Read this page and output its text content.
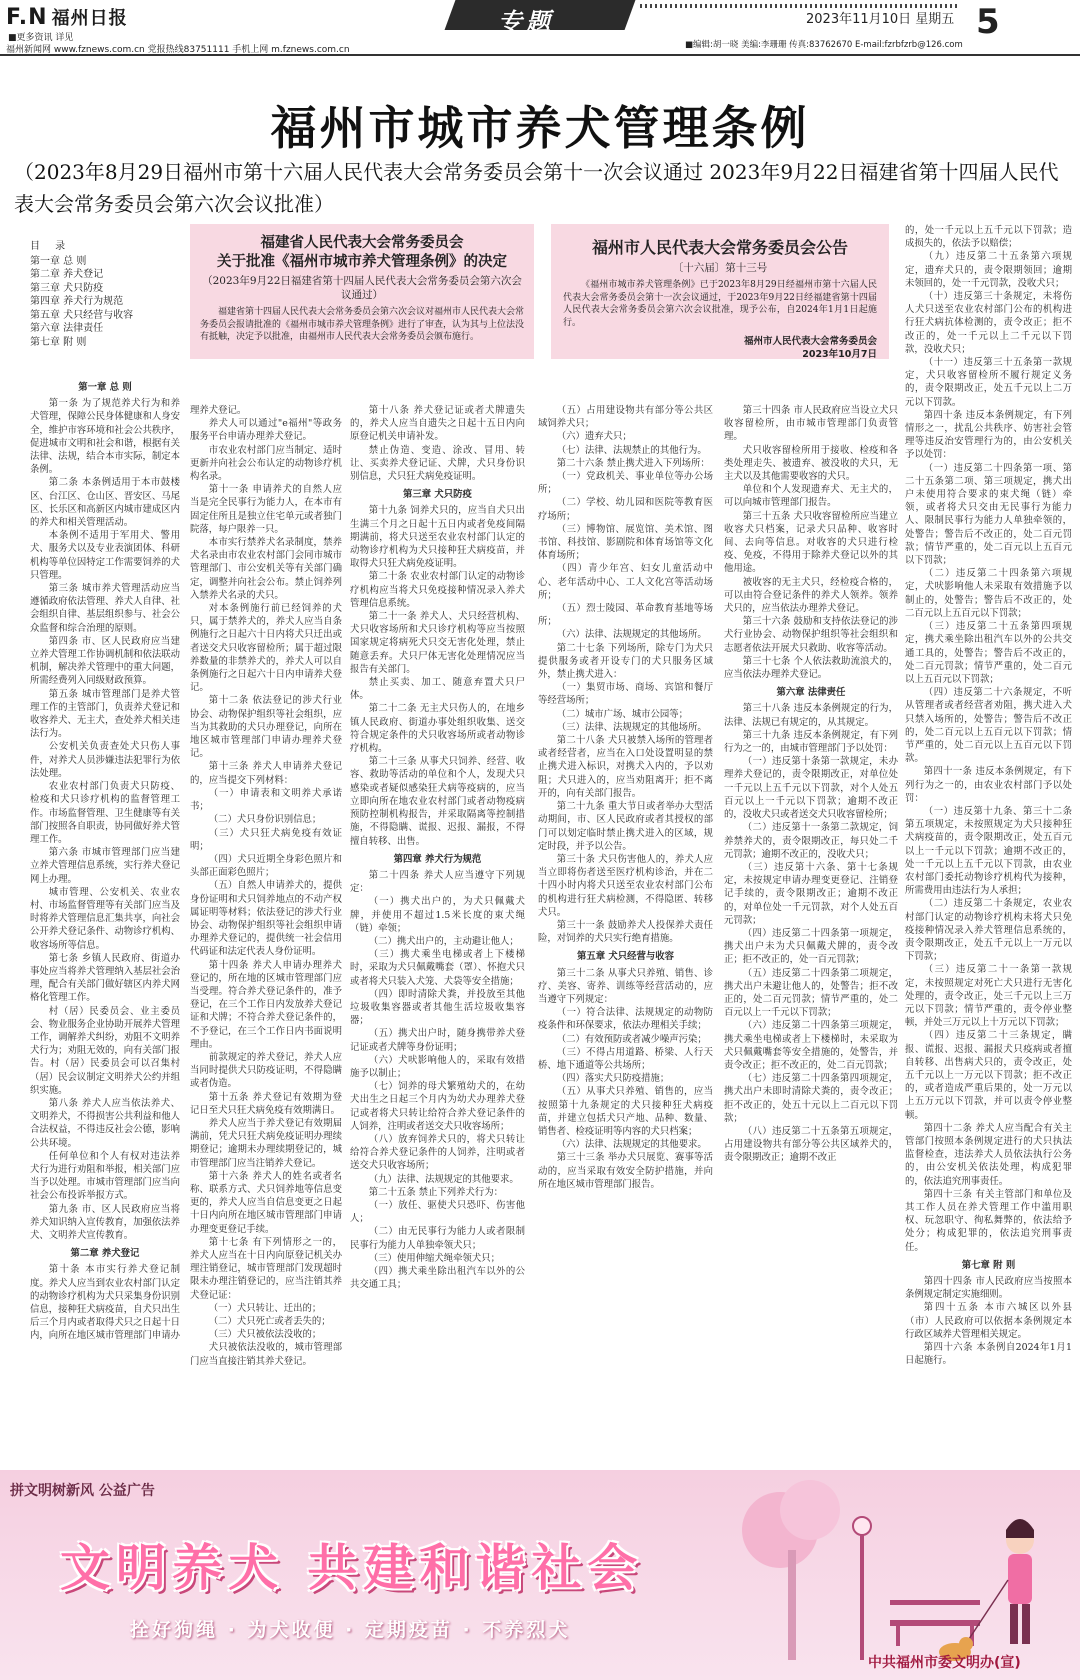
F.N 福州日报
■更多资讯 详见
福州新闻网 www.fznews.com.cn 党报热线83751111 手机上网 m.fznews.com.cn
专题	2023年11月10日 星期五 5
■编辑:胡一晓 美编:李珊珊 传真:83762670 E-mail:fzrbfzrb@126.com
福州市城市养犬管理条例
（2023年8月29日福州市第十六届人民代表大会常务委员会第十一次会议通过 2023年9月22日福建省第十四届人民代表大会常务委员会第六次会议批准）
目 录
第一章 总 则
第二章 养犬登记
第三章 犬只防疫
第四章 养犬行为规范
第五章 犬只经营与收容
第六章 法律责任
第七章 附 则
福建省人民代表大会常务委员会
关于批准《福州市城市养犬管理条例》的决定
（2023年9月22日福建省第十四届人民代表大会常务委员会第六次会议通过）
福建省第十四届人民代表大会常务委员会第六次会议对福州市人民代表大会常务委员会报请批准的《福州市城市养犬管理条例》进行了审查，认为其与上位法没有抵触，决定予以批准，由福州市人民代表大会常务委员会颁布施行。
福州市人民代表大会常务委员会公告
〔十六届〕第十三号
《福州市城市养犬管理条例》已于2023年8月29日经福州市第十六届人民代表大会常务委员会第十一次会议通过，于2023年9月22日经福建省第十四届人民代表大会常务委员会第六次会议批准，现予公布，自2024年1月1日起施行。
福州市人民代表大会常务委员会
2023年10月7日

第一章 总 则

第一条 为了规范养犬行为和养犬管理，保障公民身体健康和人身安全，维护市容环境和社会公共秩序，促进城市文明和社会和谐，根据有关法律、法规，结合本市实际，制定本条例。

第二条 本条例适用于本市鼓楼区、台江区、仓山区、晋安区、马尾区、长乐区和高新区内城市建成区内的养犬和相关管理活动。

本条例不适用于军用犬、警用犬、服务犬以及专业表演团体、科研机构等单位因特定工作需要饲养的犬只管理。

第三条 城市养犬管理活动应当遵循政府依法管理、养犬人自律、社会组织自律、基层组织参与、社会公众监督和综合治理的原则。

第四条 市、区人民政府应当建立养犬管理工作协调机制和依法联动机制，解决养犬管理中的重大问题，所需经费列入同级财政预算。

第五条 城市管理部门是养犬管理工作的主管部门，负责养犬登记和收容养犬、无主犬，查处养犬相关违法行为。

公安机关负责查处犬只伤人事件，对养犬人员涉嫌违法犯罪行为依法处理。

农业农村部门负责犬只防疫、检疫和犬只诊疗机构的监督管理工作。市场监督管理、卫生健康等有关部门按照各自职责，协同做好养犬管理工作。

第六条 市城市管理部门应当建立养犬管理信息系统，实行养犬登记网上办理。

城市管理、公安机关、农业农村、市场监督管理等有关部门应当及时将养犬管理信息汇集共享，向社会公开养犬登记条件、动物诊疗机构、收容场所等信息。

第七条 乡镇人民政府、街道办事处应当将养犬管理纳入基层社会治理，配合有关部门做好辖区内养犬网格化管理工作。

村（居）民委员会、业主委员会、物业服务企业协助开展养犬管理工作，调解养犬纠纷，劝阻不文明养犬行为；劝阻无效的，向有关部门报告。村（居）民委员会可以召集村（居）民会议制定文明养犬公约并组织实施。

第八条 养犬人应当依法养犬、文明养犬，不得损害公共利益和他人合法权益，不得违反社会公德，影响公共环境。

任何单位和个人有权对违法养犬行为进行劝阻和举报，相关部门应当予以处理。市城市管理部门应当向社会公布投诉举报方式。

第九条 市、区人民政府应当将养犬知识纳入宣传教育，加强依法养犬、文明养犬宣传教育。

第二章 养犬登记

第十条 本市实行养犬登记制度。养犬人应当到农业农村部门认定的动物诊疗机构为犬只采集身份识别信息，接种狂犬病疫苗，自犬只出生后三个月内或者取得犬只之日起十日内，向所在地区城市管理部门申请办

理养犬登记。

养犬人可以通过"e福州"等政务服务平台申请办理养犬登记。

市农业农村部门应当制定、适时更新并向社会公布认定的动物诊疗机构名录。

第十一条 申请养犬的自然人应当是完全民事行为能力人，在本市有固定住所且是独立住宅单元或者独门院落，每户限养一只。

本市实行禁养犬名录制度，禁养犬名录由市农业农村部门会同市城市管理部门、市公安机关等有关部门确定，调整并向社会公布。禁止饲养列入禁养犬名录的犬只。

对本条例施行前已经饲养的犬只，属于禁养犬的，养犬人应当自条例施行之日起六十日内将犬只迁出或者送交犬只收容留检所；属于超过限养数量的非禁养犬的，养犬人可以自条例施行之日起六十日内申请养犬登记。

第十二条 依法登记的涉犬行业协会、动物保护组织等社会组织，应当为其救助的犬只办理登记，向所在地区城市管理部门申请办理养犬登记。

第十三条 养犬人申请养犬登记的，应当提交下列材料：

（一）申请表和文明养犬承诺书；

（二）犬只身份识别信息；

（三）犬只狂犬病免疫有效证明；

（四）犬只近期全身彩色照片和头部正面彩色照片；

（五）自然人申请养犬的，提供身份证明和犬只饲养地点的不动产权属证明等材料；依法登记的涉犬行业协会、动物保护组织等社会组织申请办理养犬登记的，提供统一社会信用代码证和法定代表人身份证明。

第十四条 养犬人申请办理养犬登记的，所在地的区城市管理部门应当受理。符合养犬登记条件的，准予登记，在三个工作日内发放养犬登记证和犬牌；不符合养犬登记条件的，不予登记，在三个工作日内书面说明理由。

前款规定的养犬登记，养犬人应当同时提供犬只防疫证明，不得隐瞒或者伪造。

第十五条 养犬登记有效期为登记日至犬只狂犬病免疫有效期满日。

养犬人应当于养犬登记有效期届满前，凭犬只狂犬病免疫证明办理续期登记；逾期未办理续期登记的，城市管理部门应当注销养犬登记。

第十六条 养犬人的姓名或者名称、联系方式、犬只饲养地等信息变更的，养犬人应当自信息变更之日起十日内向所在地区城市管理部门申请办理变更登记手续。

第十七条 有下列情形之一的，养犬人应当在十日内向原登记机关办理注销登记，城市管理部门发现超时限未办理注销登记的，应当注销其养犬登记证：

（一）犬只转让、迁出的；

（二）犬只死亡或者丢失的；

（三）犬只被依法没收的；

犬只被依法没收的，城市管理部门应当直接注销其养犬登记。

第十八条 养犬登记证或者犬牌遗失的，养犬人应当自遗失之日起十五日内向原登记机关申请补发。

禁止伪造、变造、涂改、冒用、转让、买卖养犬登记证、犬牌，犬只身份识别信息，犬只狂犬病免疫证明。

第三章 犬只防疫

第十九条 饲养犬只的，应当自犬只出生满三个月之日起十五日内或者免疫间隔期满前，将犬只送至农业农村部门认定的动物诊疗机构为犬只接种狂犬病疫苗，并取得犬只狂犬病免疫证明。

第二十条 农业农村部门认定的动物诊疗机构应当将犬只免疫接种情况录入养犬管理信息系统。

第二十一条 养犬人、犬只经营机构、犬只收容场所和犬只诊疗机构等应当按照国家规定将病死犬只交无害化处理，禁止随意丢弃。犬只尸体无害化处理情况应当报告有关部门。

禁止买卖、加工、随意弃置犬只尸体。

第二十二条 无主犬只伤人的，在地乡镇人民政府、街道办事处组织收集、送交符合规定条件的犬只收容场所或者动物诊疗机构。

第二十三条 从事犬只饲养、经营、收容、救助等活动的单位和个人，发现犬只感染或者疑似感染狂犬病等疫病的，应当立即向所在地农业农村部门或者动物疫病预防控制机构报告，并采取隔离等控制措施，不得隐瞒、谎报、迟报、漏报，不得擅自转移、出售。

第四章 养犬行为规范

第二十四条 养犬人应当遵守下列规定：

（一）携犬出户的，为犬只佩戴犬牌，并使用不超过1.5米长度的束犬绳（链）牵领；

（二）携犬出户的，主动避让他人；

（三）携犬乘坐电梯或者上下楼梯时，采取为犬只佩戴嘴套（罩）、怀抱犬只或者将犬只装入犬笼、犬袋等安全措施；

（四）即时清除犬粪，并投放至其他垃圾收集容器或者其他生活垃圾收集容器；

（五）携犬出户时，随身携带养犬登记证或者犬牌等身份证明；

（六）犬吠影响他人的，采取有效措施予以制止；

（七）饲养的母犬繁殖幼犬的，在幼犬出生之日起三个月内为幼犬办理养犬登记或者将犬只转让给符合养犬登记条件的人饲养，注明或者送交犬只收容场所；

（八）放弃饲养犬只的，将犬只转让给符合养犬登记条件的人饲养，注明或者送交犬只收容场所；

（九）法律、法规规定的其他要求。

第二十五条 禁止下列养犬行为：

（一）放任、驱使犬只恐吓、伤害他人；

（二）由无民事行为能力人或者限制民事行为能力人单独牵领犬只；

（三）使用伸缩犬绳牵领犬只；

（四）携犬乘坐除出租汽车以外的公共交通工具；

（五）占用建设物共有部分等公共区域饲养犬只；

（六）遗弃犬只；

（七）法律、法规禁止的其他行为。

第二十六条 禁止携犬进入下列场所：

（一）党政机关、事业单位等办公场所；

（二）学校、幼儿园和医院等教育医疗场所；

（三）博物馆、展览馆、美术馆、图书馆、科技馆、影剧院和体育场馆等文化体育场所；

（四）青少年宫、妇女儿童活动中心、老年活动中心、工人文化宫等活动场所；

（五）烈士陵园、革命教育基地等场所；

（六）法律、法规规定的其他场所。

第二十七条 下列场所，除专门为犬只提供服务或者开设专门的犬只服务区域外，禁止携犬进入：

（一）集贸市场、商场、宾馆和餐厅等经营场所；

（二）城市广场、城市公园等；

（三）法律、法规规定的其他场所。

第二十八条 犬只被禁入场所的管理者或者经营者，应当在入口处设置明显的禁止携犬进入标识，对携犬入内的，予以劝阻；犬只进入的，应当劝阻离开；拒不离开的，向有关部门报告。

第二十九条 重大节日或者举办大型活动期间，市、区人民政府或者其授权的部门可以划定临时禁止携犬进入的区域，规定时段，并予以公告。

第三十条 犬只伤害他人的，养犬人应当立即将伤者送至医疗机构诊治，并在二十四小时内将犬只送至农业农村部门公布的机构进行狂犬病检测，不得隐匿、转移犬只。

第三十一条 鼓励养犬人投保养犬责任险，对饲养的犬只实行绝育措施。

第五章 犬只经营与收容

第三十二条 从事犬只养殖、销售、诊疗、美容、寄养、训练等经营活动的，应当遵守下列规定：

（一）符合法律、法规规定的动物防疫条件和环保要求，依法办理相关手续；

（二）有效预防或者减少噪声污染；

（三）不得占用道路、桥梁、人行天桥、地下通道等公共场所；

（四）落实犬只防疫措施；

（五）从事犬只养殖、销售的，应当按照第十九条规定的犬只接种狂犬病疫苗，并建立包括犬只产地、品种、数量、销售者、检疫证明等内容的犬只档案；

（六）法律、法规规定的其他要求。

第三十三条 举办犬只展览、赛事等活动的，应当采取有效安全防护措施，并向所在地区城市管理部门报告。

第三十四条 市人民政府应当设立犬只收容留检所，由市城市管理部门负责管理。

犬只收容留检所用于接收、检疫和各类处理走失、被遗弃、被没收的犬只，无主犬以及其他需要收容的犬只。

单位和个人发现遗弃犬、无主犬的，可以向城市管理部门报告。

第三十五条 犬只收容留检所应当建立收容犬只档案，记录犬只品种、收容时间、去向等信息。对收容的犬只进行检疫、免疫，不得用于除养犬登记以外的其他用途。

被收容的无主犬只，经检疫合格的，可以由符合登记条件的养犬人领养。领养犬只的，应当依法办理养犬登记。

第三十六条 鼓励和支持依法登记的涉犬行业协会、动物保护组织等社会组织和志愿者依法开展犬只救助、收容等活动。

第三十七条 个人依法救助流浪犬的，应当依法办理养犬登记。

第六章 法律责任

第三十八条 违反本条例规定的行为，法律、法规已有规定的，从其规定。

第三十九条 违反本条例规定，有下列行为之一的，由城市管理部门予以处罚：

（一）违反第十条第一款规定，未办理养犬登记的，责令限期改正，对单位处一千元以上五千元以下罚款，对个人处五百元以上一千元以下罚款；逾期不改正的，没收犬只或者送交犬只收容留检所；

（二）违反第十一条第二款规定，饲养禁养犬的，责令限期改正，每只处二千元罚款；逾期不改正的，没收犬只；

（三）违反第十六条、第十七条规定，未按规定申请办理变更登记、注销登记手续的，责令限期改正；逾期不改正的，对单位处一千元罚款，对个人处五百元罚款；

（四）违反第二十四条第一项规定，携犬出户未为犬只佩戴犬牌的，责令改正；拒不改正的，处一百元罚款；

（五）违反第二十四条第二项规定，携犬出户未避让他人的，处警告；拒不改正的，处二百元罚款；情节严重的，处二百元以上一千元以下罚款；

（六）违反第二十四条第三项规定，携犬乘坐电梯或者上下楼梯时，未采取为犬只佩戴嘴套等安全措施的，处警告，并责令改正；拒不改正的，处二百元罚款；

（七）违反第二十四条第四项规定，携犬出户未即时清除犬粪的，责令改正；拒不改正的，处五十元以上二百元以下罚款；

（八）违反第二十五条第五项规定，占用建设物共有部分等公共区域养犬的，责令限期改正；逾期不改正

的，处一千元以上五千元以下罚款；造成损失的，依法予以赔偿；

（九）违反第二十五条第六项规定，遗弃犬只的，责令限期领回；逾期未领回的，处一千元罚款，没收犬只；

（十）违反第三十条规定，未将伤人犬只送至农业农村部门公布的机构进行狂犬病抗体检测的，责令改正；拒不改正的，处一千元以上二千元以下罚款，没收犬只；

（十一）违反第三十五条第一款规定，犬只收容留检所不履行规定义务的，责令限期改正，处五千元以上二万元以下罚款。

第四十条 违反本条例规定，有下列情形之一，扰乱公共秩序、妨害社会管理等违反治安管理行为的，由公安机关予以处罚：

（一）违反第二十四条第一项、第二十五条第二项、第三项规定，携犬出户未使用符合要求的束犬绳（链）牵领，或者将犬只交由无民事行为能力人、限制民事行为能力人单独牵领的，处警告；警告后不改正的，处二百元罚款；情节严重的，处二百元以上五百元以下罚款；

（二）违反第二十四条第六项规定，犬吠影响他人未采取有效措施予以制止的，处警告；警告后不改正的，处二百元以上五百元以下罚款；

（三）违反第二十五条第四项规定，携犬乘坐除出租汽车以外的公共交通工具的，处警告；警告后不改正的，处二百元罚款；情节严重的，处二百元以上五百元以下罚款；

（四）违反第二十六条规定，不听从管理者或者经营者劝阻，携犬进入犬只禁入场所的，处警告；警告后不改正的，处二百元以上五百元以下罚款；情节严重的，处二百元以上五百元以下罚款。

第四十一条 违反本条例规定，有下列行为之一的，由农业农村部门予以处罚：

（一）违反第十九条、第三十二条第五项规定，未按照规定为犬只接种狂犬病疫苗的，责令限期改正，处五百元以上一千元以下罚款；逾期不改正的，处一千元以上五千元以下罚款，由农业农村部门委托动物诊疗机构代为接种，所需费用由违法行为人承担；

（二）违反第二十条规定，农业农村部门认定的动物诊疗机构未将犬只免疫接种情况录入养犬管理信息系统的，责令限期改正，处五千元以上一万元以下罚款；

（三）违反第二十一条第一款规定，未按照规定对死亡犬只进行无害化处理的，责令改正，处三千元以上三万元以下罚款；情节严重的，责令停业整顿，并处三万元以上十万元以下罚款；

（四）违反第二十三条规定，瞒报、谎报、迟报、漏报犬只疫病或者擅自转移、出售病犬只的，责令改正，处五千元以上一万元以下罚款；拒不改正的，或者造成严重后果的，处一万元以上五万元以下罚款，并可以责令停业整顿。

第四十二条 养犬人应当配合有关主管部门按照本条例规定进行的犬只执法监督检查，违法养犬人员依法执行公务的，由公安机关依法处理，构成犯罪的，依法追究刑事责任。

第四十三条 有关主管部门和单位及其工作人员在养犬管理工作中滥用职权、玩忽职守、徇私舞弊的，依法给予处分；构成犯罪的，依法追究刑事责任。

第七章 附 则

第四十四条 市人民政府应当按照本条例规定制定实施细则。

第四十五条 本市六城区以外县（市）人民政府可以依据本条例规定本行政区域养犬管理相关规定。

第四十六条 本条例自2024年1月1日起施行。

拼文明树新风 公益广告
文明养犬 共建和谐社会
拴好狗绳 · 为犬收便 · 定期疫苗 · 不养烈犬
中共福州市委文明办(宣)
